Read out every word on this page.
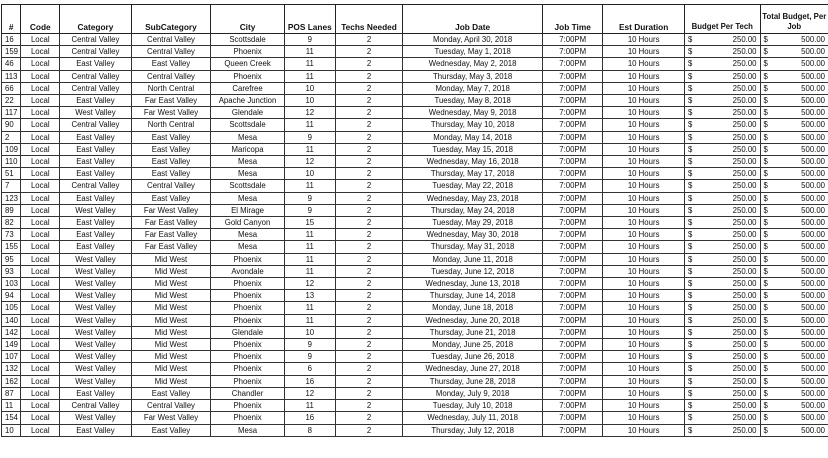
#	Code	Category	SubCategory	City	POS Lanes	Techs Needed	Job Date	Job Time	Est Duration	Budget Per Tech	Total Budget, Per Job
16	Local	Central Valley	Central Valley	Scottsdale	9	2	Monday, April 30, 2018	7:00PM	10 Hours	$ 250.00	$ 500.00

159	Local	Central Valley	Central Valley	Phoenix	11	2	Tuesday, May 1, 2018	7:00PM	10 Hours	$ 250.00	$ 500.00

46	Local	East Valley	East Valley	Queen Creek	11	2	Wednesday, May 2, 2018	7:00PM	10 Hours	$ 250.00	$ 500.00

113	Local	Central Valley	Central Valley	Phoenix	11	2	Thursday, May 3, 2018	7:00PM	10 Hours	$ 250.00	$ 500.00

66	Local	Central Valley	North Central	Carefree	10	2	Monday, May 7, 2018	7:00PM	10 Hours	$ 250.00	$ 500.00

22	Local	East Valley	Far East Valley	Apache Junction	10	2	Tuesday, May 8, 2018	7:00PM	10 Hours	$ 250.00	$ 500.00

117	Local	West Valley	Far West Valley	Glendale	12	2	Wednesday, May 9, 2018	7:00PM	10 Hours	$ 250.00	$ 500.00

90	Local	Central Valley	North Central	Scottsdale	11	2	Thursday, May 10, 2018	7:00PM	10 Hours	$ 250.00	$ 500.00

2	Local	East Valley	East Valley	Mesa	9	2	Monday, May 14, 2018	7:00PM	10 Hours	$ 250.00	$ 500.00

109	Local	East Valley	East Valley	Maricopa	11	2	Tuesday, May 15, 2018	7:00PM	10 Hours	$ 250.00	$ 500.00

110	Local	East Valley	East Valley	Mesa	12	2	Wednesday, May 16, 2018	7:00PM	10 Hours	$ 250.00	$ 500.00

51	Local	East Valley	East Valley	Mesa	10	2	Thursday, May 17, 2018	7:00PM	10 Hours	$ 250.00	$ 500.00

7	Local	Central Valley	Central Valley	Scottsdale	11	2	Tuesday, May 22, 2018	7:00PM	10 Hours	$ 250.00	$ 500.00

123	Local	East Valley	East Valley	Mesa	9	2	Wednesday, May 23, 2018	7:00PM	10 Hours	$ 250.00	$ 500.00

89	Local	West Valley	Far West Valley	El Mirage	9	2	Thursday, May 24, 2018	7:00PM	10 Hours	$ 250.00	$ 500.00

82	Local	East Valley	Far East Valley	Gold Canyon	15	2	Tuesday, May 29, 2018	7:00PM	10 Hours	$ 250.00	$ 500.00

73	Local	East Valley	Far East Valley	Mesa	11	2	Wednesday, May 30, 2018	7:00PM	10 Hours	$ 250.00	$ 500.00

155	Local	East Valley	Far East Valley	Mesa	11	2	Thursday, May 31, 2018	7:00PM	10 Hours	$ 250.00	$ 500.00

95	Local	West Valley	Mid West	Phoenix	11	2	Monday, June 11, 2018	7:00PM	10 Hours	$ 250.00	$ 500.00

93	Local	West Valley	Mid West	Avondale	11	2	Tuesday, June 12, 2018	7:00PM	10 Hours	$ 250.00	$ 500.00

103	Local	West Valley	Mid West	Phoenix	12	2	Wednesday, June 13, 2018	7:00PM	10 Hours	$ 250.00	$ 500.00

94	Local	West Valley	Mid West	Phoenix	13	2	Thursday, June 14, 2018	7:00PM	10 Hours	$ 250.00	$ 500.00

105	Local	West Valley	Mid West	Phoenix	11	2	Monday, June 18, 2018	7:00PM	10 Hours	$ 250.00	$ 500.00

140	Local	West Valley	Mid West	Phoenix	11	2	Wednesday, June 20, 2018	7:00PM	10 Hours	$ 250.00	$ 500.00

142	Local	West Valley	Mid West	Glendale	10	2	Thursday, June 21, 2018	7:00PM	10 Hours	$ 250.00	$ 500.00

149	Local	West Valley	Mid West	Phoenix	9	2	Monday, June 25, 2018	7:00PM	10 Hours	$ 250.00	$ 500.00

107	Local	West Valley	Mid West	Phoenix	9	2	Tuesday, June 26, 2018	7:00PM	10 Hours	$ 250.00	$ 500.00

132	Local	West Valley	Mid West	Phoenix	6	2	Wednesday, June 27, 2018	7:00PM	10 Hours	$ 250.00	$ 500.00

162	Local	West Valley	Mid West	Phoenix	16	2	Thursday, June 28, 2018	7:00PM	10 Hours	$ 250.00	$ 500.00

87	Local	East Valley	East Valley	Chandler	12	2	Monday, July 9, 2018	7:00PM	10 Hours	$ 250.00	$ 500.00

11	Local	Central Valley	Central Valley	Phoenix	11	2	Tuesday, July 10, 2018	7:00PM	10 Hours	$ 250.00	$ 500.00

154	Local	West Valley	Far West Valley	Phoenix	16	2	Wednesday, July 11, 2018	7:00PM	10 Hours	$ 250.00	$ 500.00

10	Local	East Valley	East Valley	Mesa	8	2	Thursday, July 12, 2018	7:00PM	10 Hours	$ 250.00	$ 500.00
